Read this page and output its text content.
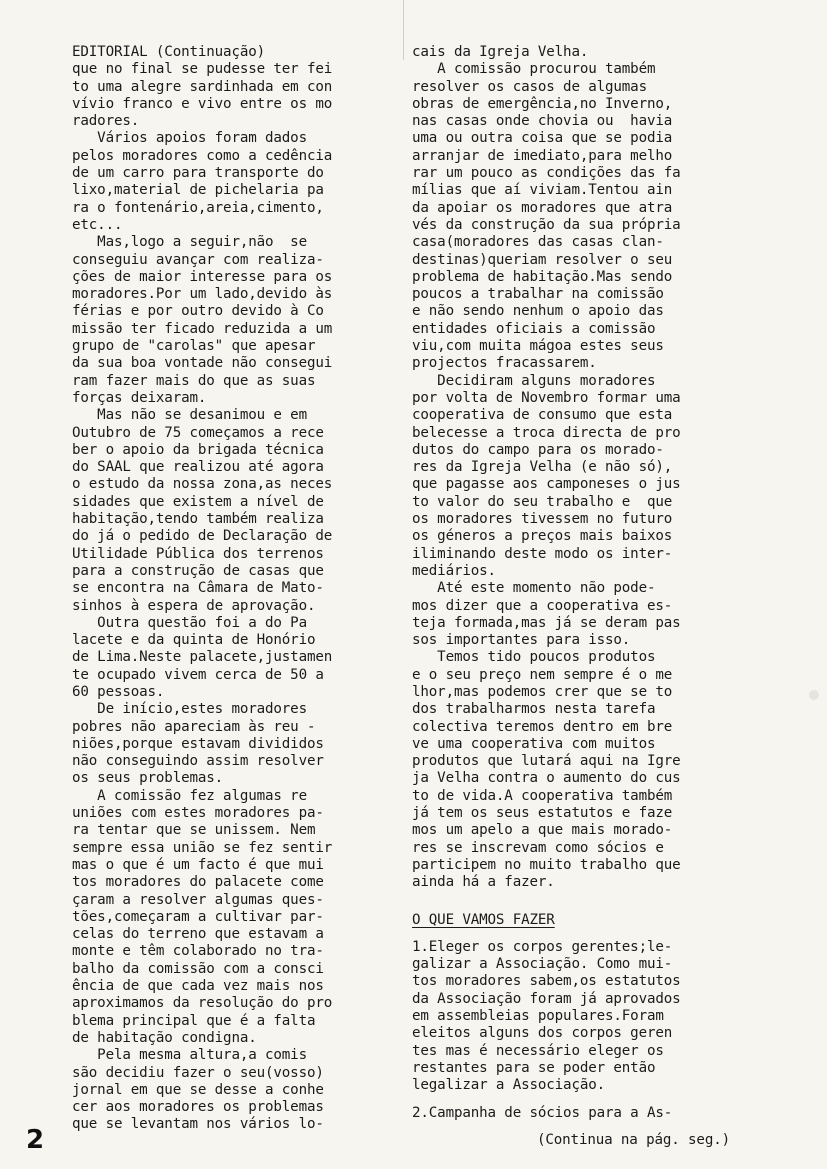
EDITORIAL (Continuação)
que no final se pudesse ter fei
to uma alegre sardinhada em con
vívio franco e vivo entre os mo
radores.
Vários apoios foram dados
pelos moradores como a cedência
de um carro para transporte do
lixo,material de pichelaria pa
ra o fontenário,areia,cimento,
etc...
Mas,logo a seguir,não  se
conseguiu avançar com realiza-
ções de maior interesse para os
moradores.Por um lado,devido às
férias e por outro devido à Co
missão ter ficado reduzida a um
grupo de "carolas" que apesar
da sua boa vontade não consegui
ram fazer mais do que as suas
forças deixaram.
Mas não se desanimou e em
Outubro de 75 começamos a rece
ber o apoio da brigada técnica
do SAAL que realizou até agora
o estudo da nossa zona,as neces
sidades que existem a nível de
habitação,tendo também realiza
do já o pedido de Declaração de
Utilidade Pública dos terrenos
para a construção de casas que
se encontra na Câmara de Mato-
sinhos à espera de aprovação.
Outra questão foi a do Pa
lacete e da quinta de Honório
de Lima.Neste palacete,justamen
te ocupado vivem cerca de 50 a
60 pessoas.
De início,estes moradores
pobres não apareciam às reu -
niões,porque estavam divididos
não conseguindo assim resolver
os seus problemas.
A comissão fez algumas re
uniões com estes moradores pa-
ra tentar que se unissem. Nem
sempre essa união se fez sentir
mas o que é um facto é que mui
tos moradores do palacete come
çaram a resolver algumas ques-
tões,começaram a cultivar par-
celas do terreno que estavam a
monte e têm colaborado no tra-
balho da comissão com a consci
ência de que cada vez mais nos
aproximamos da resolução do pro
blema principal que é a falta
de habitação condigna.
Pela mesma altura,a comis
são decidiu fazer o seu(vosso)
jornal em que se desse a conhe
cer aos moradores os problemas
que se levantam nos vários lo-
cais da Igreja Velha.
A comissão procurou também
resolver os casos de algumas
obras de emergência,no Inverno,
nas casas onde chovia ou  havia
uma ou outra coisa que se podia
arranjar de imediato,para melho
rar um pouco as condições das fa
mílias que aí viviam.Tentou ain
da apoiar os moradores que atra
vés da construção da sua própria
casa(moradores das casas clan-
destinas)queriam resolver o seu
problema de habitação.Mas sendo
poucos a trabalhar na comissão
e não sendo nenhum o apoio das
entidades oficiais a comissão
viu,com muita mágoa estes seus
projectos fracassarem.
Decidiram alguns moradores
por volta de Novembro formar uma
cooperativa de consumo que esta
belecesse a troca directa de pro
dutos do campo para os morado-
res da Igreja Velha (e não só),
que pagasse aos camponeses o jus
to valor do seu trabalho e  que
os moradores tivessem no futuro
os géneros a preços mais baixos
iliminando deste modo os inter-
mediários.
Até este momento não pode-
mos dizer que a cooperativa es-
teja formada,mas já se deram pas
sos importantes para isso.
Temos tido poucos produtos
e o seu preço nem sempre é o me
lhor,mas podemos crer que se to
dos trabalharmos nesta tarefa
colectiva teremos dentro em bre
ve uma cooperativa com muitos
produtos que lutará aqui na Igre
ja Velha contra o aumento do cus
to de vida.A cooperativa também
já tem os seus estatutos e faze
mos um apelo a que mais morado-
res se inscrevam como sócios e
participem no muito trabalho que
ainda há a fazer.
O QUE VAMOS FAZER
1.Eleger os corpos gerentes;le-
galizar a Associação. Como mui-
tos moradores sabem,os estatutos
da Associação foram já aprovados
em assembleias populares.Foram
eleitos alguns dos corpos geren
tes mas é necessário eleger os
restantes para se poder então
legalizar a Associação.
2.Campanha de sócios para a As-
(Continua na pág. seg.)
2
